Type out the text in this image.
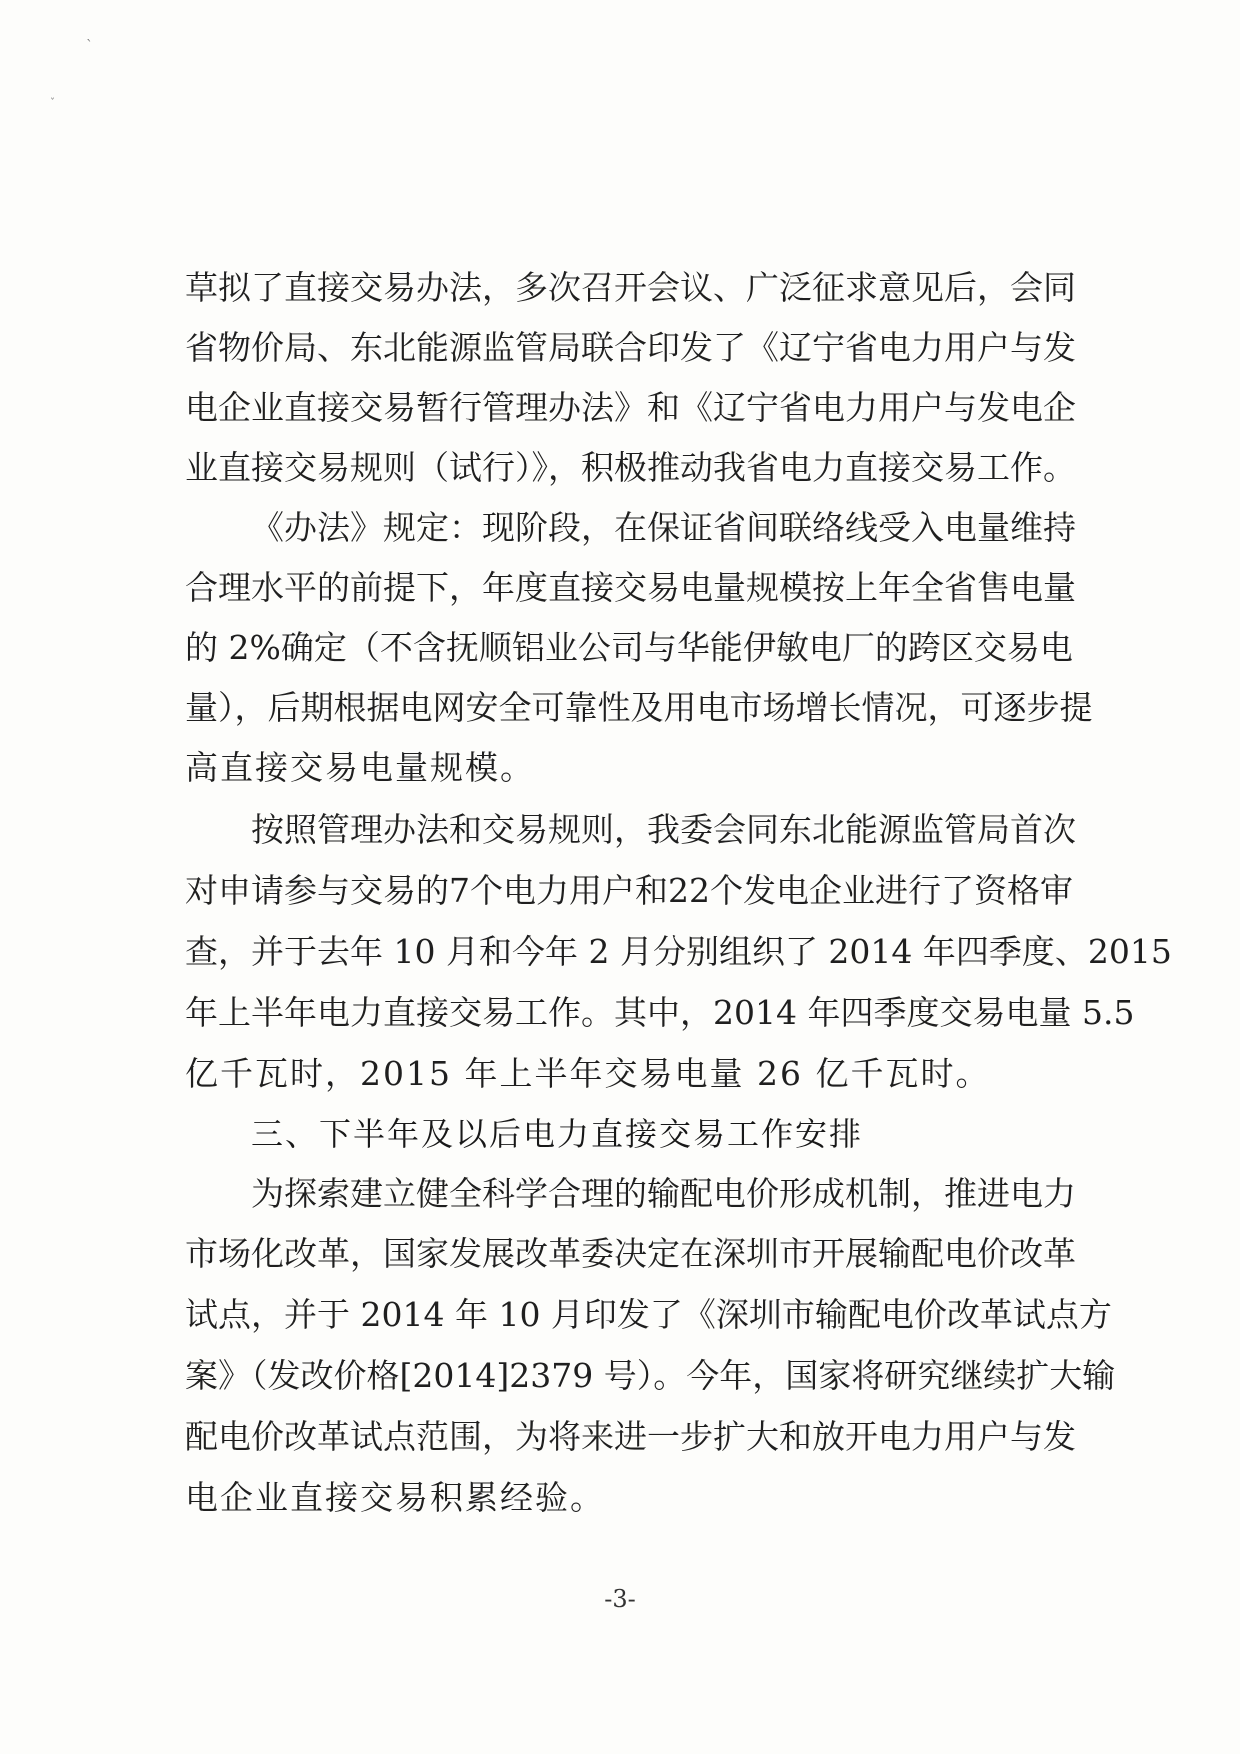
`
ˇ
草拟了直接交易办法，多次召开会议、广泛征求意见后，会同
省物价局、东北能源监管局联合印发了《辽宁省电力用户与发
电企业直接交易暂行管理办法》和《辽宁省电力用户与发电企
业直接交易规则（试行）》，积极推动我省电力直接交易工作。
《办法》规定：现阶段，在保证省间联络线受入电量维持
合理水平的前提下，年度直接交易电量规模按上年全省售电量
的 2%确定（不含抚顺铝业公司与华能伊敏电厂的跨区交易电
量），后期根据电网安全可靠性及用电市场增长情况，可逐步提
高直接交易电量规模。
按照管理办法和交易规则，我委会同东北能源监管局首次
对申请参与交易的7个电力用户和22个发电企业进行了资格审
查，并于去年 10 月和今年 2 月分别组织了 2014 年四季度、2015
年上半年电力直接交易工作。其中，2014 年四季度交易电量 5.5
亿千瓦时，2015 年上半年交易电量 26 亿千瓦时。
三、下半年及以后电力直接交易工作安排
为探索建立健全科学合理的输配电价形成机制，推进电力
市场化改革，国家发展改革委决定在深圳市开展输配电价改革
试点，并于 2014 年 10 月印发了《深圳市输配电价改革试点方
案》（发改价格[2014]2379 号）。今年，国家将研究继续扩大输
配电价改革试点范围，为将来进一步扩大和放开电力用户与发
电企业直接交易积累经验。
-3-
